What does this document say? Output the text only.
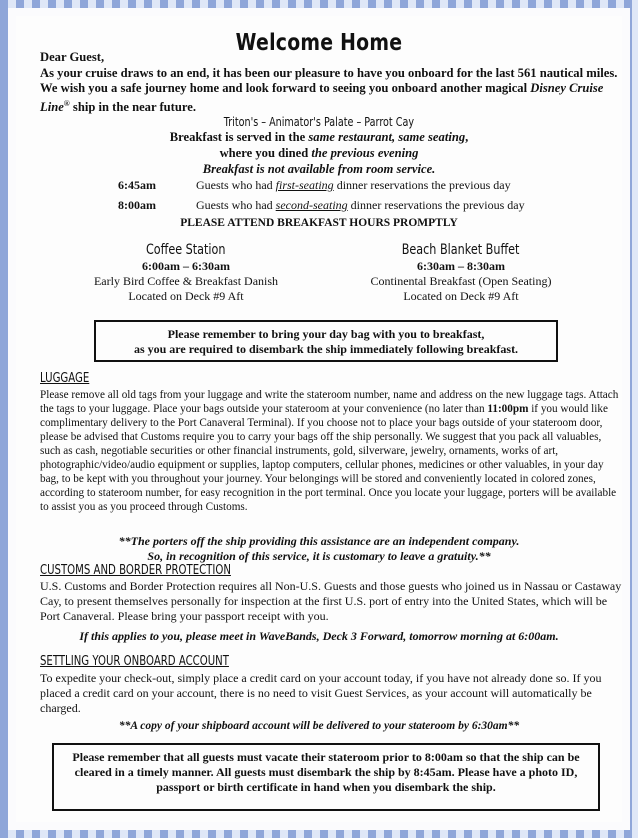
Welcome Home
Dear Guest,
As your cruise draws to an end, it has been our pleasure to have you onboard for the last 561 nautical miles. We wish you a safe journey home and look forward to seeing you onboard another magical Disney Cruise Line® ship in the near future.
Triton's – Animator's Palate – Parrot Cay
Breakfast is served in the same restaurant, same seating,
where you dined the previous evening
Breakfast is not available from room service.
6:45am	Guests who had first-seating dinner reservations the previous day
8:00am	Guests who had second-seating dinner reservations the previous day
PLEASE ATTEND BREAKFAST HOURS PROMPTLY
Coffee Station
6:00am – 6:30am
Early Bird Coffee & Breakfast Danish
Located on Deck #9 Aft
Beach Blanket Buffet
6:30am – 8:30am
Continental Breakfast (Open Seating)
Located on Deck #9 Aft
Please remember to bring your day bag with you to breakfast,
as you are required to disembark the ship immediately following breakfast.
LUGGAGE
Please remove all old tags from your luggage and write the stateroom number, name and address on the new luggage tags. Attach the tags to your luggage. Place your bags outside your stateroom at your convenience (no later than 11:00pm if you would like complimentary delivery to the Port Canaveral Terminal). If you choose not to place your bags outside of your stateroom door, please be advised that Customs require you to carry your bags off the ship personally. We suggest that you pack all valuables, such as cash, negotiable securities or other financial instruments, gold, silverware, jewelry, ornaments, works of art, photographic/video/audio equipment or supplies, laptop computers, cellular phones, medicines or other valuables, in your day bag, to be kept with you throughout your journey. Your belongings will be stored and conveniently located in colored zones, according to stateroom number, for easy recognition in the port terminal. Once you locate your luggage, porters will be available to assist you as you proceed through Customs.
**The porters off the ship providing this assistance are an independent company.
So, in recognition of this service, it is customary to leave a gratuity.**
CUSTOMS AND BORDER PROTECTION
U.S. Customs and Border Protection requires all Non-U.S. Guests and those guests who joined us in Nassau or Castaway Cay, to present themselves personally for inspection at the first U.S. port of entry into the United States, which will be Port Canaveral. Please bring your passport receipt with you.
If this applies to you, please meet in WaveBands, Deck 3 Forward, tomorrow morning at 6:00am.
SETTLING YOUR ONBOARD ACCOUNT
To expedite your check-out, simply place a credit card on your account today, if you have not already done so. If you placed a credit card on your account, there is no need to visit Guest Services, as your account will automatically be charged.
**A copy of your shipboard account will be delivered to your stateroom by 6:30am**
Please remember that all guests must vacate their stateroom prior to 8:00am so that the ship can be cleared in a timely manner. All guests must disembark the ship by 8:45am. Please have a photo ID, passport or birth certificate in hand when you disembark the ship.
